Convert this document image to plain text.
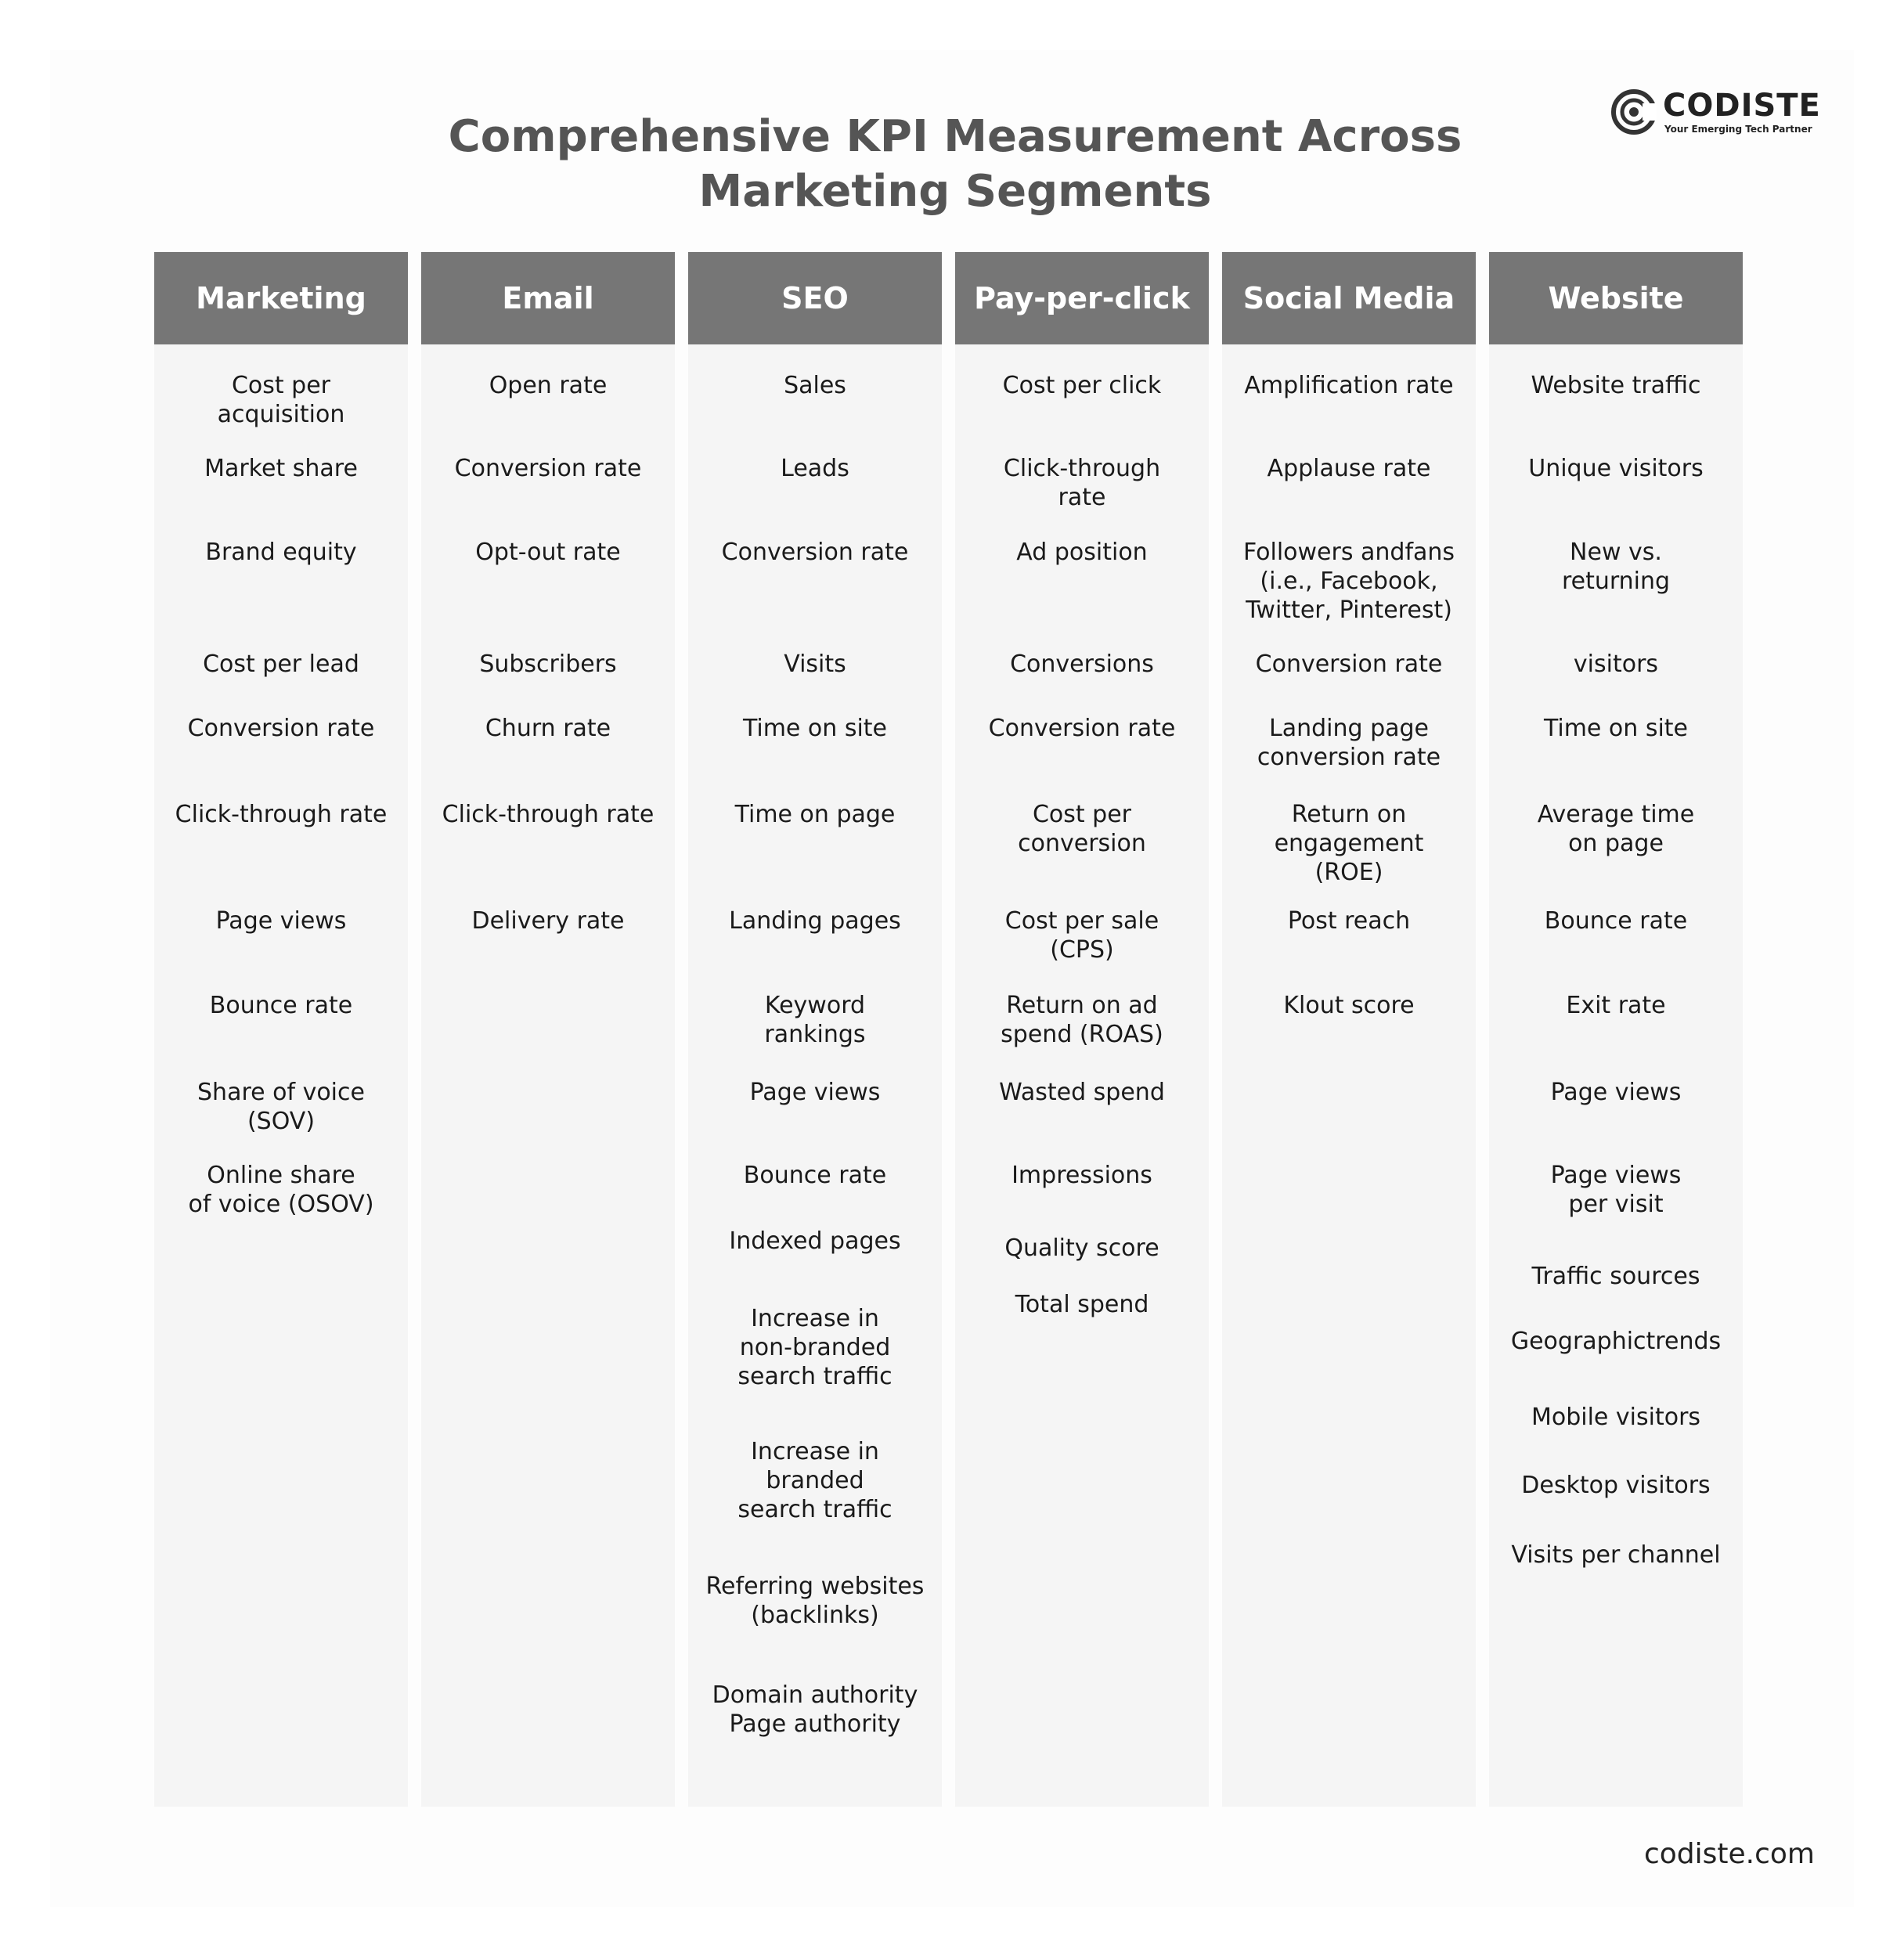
Comprehensive KPI Measurement Across
Marketing Segments
CODISTE
Your Emerging Tech Partner
Marketing
Cost per
acquisition
Market share
Brand equity
Cost per lead
Conversion rate
Click-through rate
Page views
Bounce rate
Share of voice
(SOV)
Online share
of voice (OSOV)
Email
Open rate
Conversion rate
Opt-out rate
Subscribers
Churn rate
Click-through rate
Delivery rate
SEO
Sales
Leads
Conversion rate
Visits
Time on site
Time on page
Landing pages
Keyword
rankings
Page views
Bounce rate
Indexed pages
Increase in
non-branded
search traffic
Increase in
branded
search traffic
Referring websites
(backlinks)
Domain authority
Page authority
Pay-per-click
Cost per click
Click-through
rate
Ad position
Conversions
Conversion rate
Cost per
conversion
Cost per sale
(CPS)
Return on ad
spend (ROAS)
Wasted spend
Impressions
Quality score
Total spend
Social Media
Amplification rate
Applause rate
Followers andfans
(i.e., Facebook,
Twitter, Pinterest)
Conversion rate
Landing page
conversion rate
Return on
engagement
(ROE)
Post reach
Klout score
Website
Website traffic
Unique visitors
New vs.
returning
visitors
Time on site
Average time
on page
Bounce rate
Exit rate
Page views
Page views
per visit
Traffic sources
Geographictrends
Mobile visitors
Desktop visitors
Visits per channel
codiste.com
